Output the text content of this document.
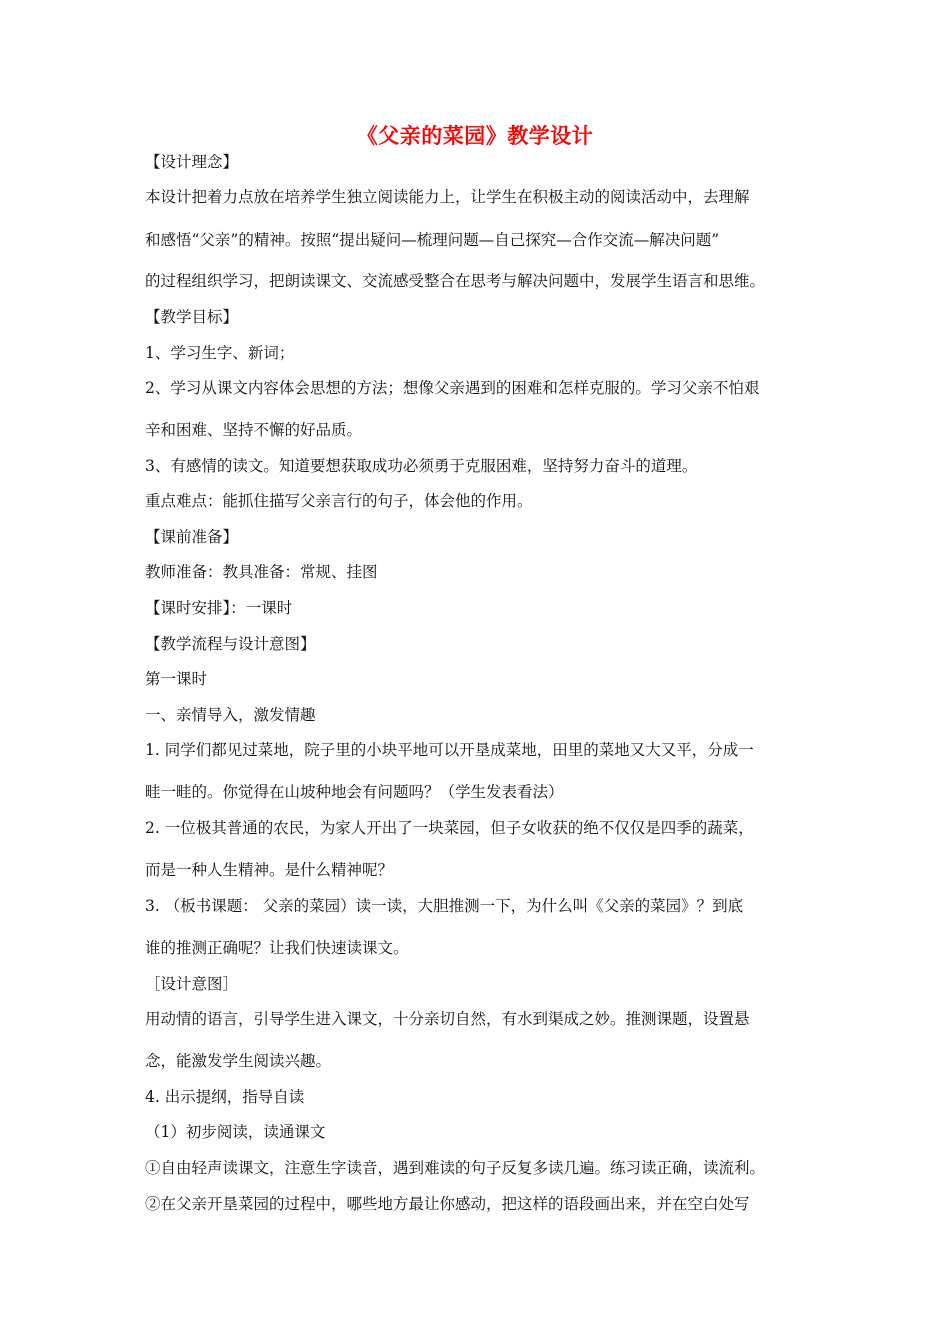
《父亲的菜园》教学设计
【设计理念】
本设计把着力点放在培养学生独立阅读能力上，让学生在积极主动的阅读活动中，去理解
和感悟“父亲”的精神。按照“提出疑问—梳理问题—自己探究—合作交流—解决问题”
的过程组织学习，把朗读课文、交流感受整合在思考与解决问题中，发展学生语言和思维。
【教学目标】
1、学习生字、新词；
2、学习从课文内容体会思想的方法；想像父亲遇到的困难和怎样克服的。学习父亲不怕艰
辛和困难、坚持不懈的好品质。
3、有感情的读文。知道要想获取成功必须勇于克服困难，坚持努力奋斗的道理。
重点难点：能抓住描写父亲言行的句子，体会他的作用。
【课前准备】
教师准备：教具准备：常规、挂图
【课时安排】：一课时
【教学流程与设计意图】
第一课时
一、亲情导入，激发情趣
1. 同学们都见过菜地，院子里的小块平地可以开垦成菜地，田里的菜地又大又平，分成一
畦一畦的。你觉得在山坡种地会有问题吗？（学生发表看法）
2. 一位极其普通的农民，为家人开出了一块菜园，但子女收获的绝不仅仅是四季的蔬菜，
而是一种人生精神。是什么精神呢？
3. （板书课题： 父亲的菜园）读一读，大胆推测一下，为什么叫《父亲的菜园》？到底
谁的推测正确呢？让我们快速读课文。
［设计意图］
用动情的语言，引导学生进入课文，十分亲切自然，有水到渠成之妙。推测课题，设置悬
念，能激发学生阅读兴趣。
4. 出示提纲，指导自读
（1）初步阅读，读通课文
①自由轻声读课文，注意生字读音，遇到难读的句子反复多读几遍。练习读正确，读流利。
②在父亲开垦菜园的过程中，哪些地方最让你感动，把这样的语段画出来，并在空白处写
